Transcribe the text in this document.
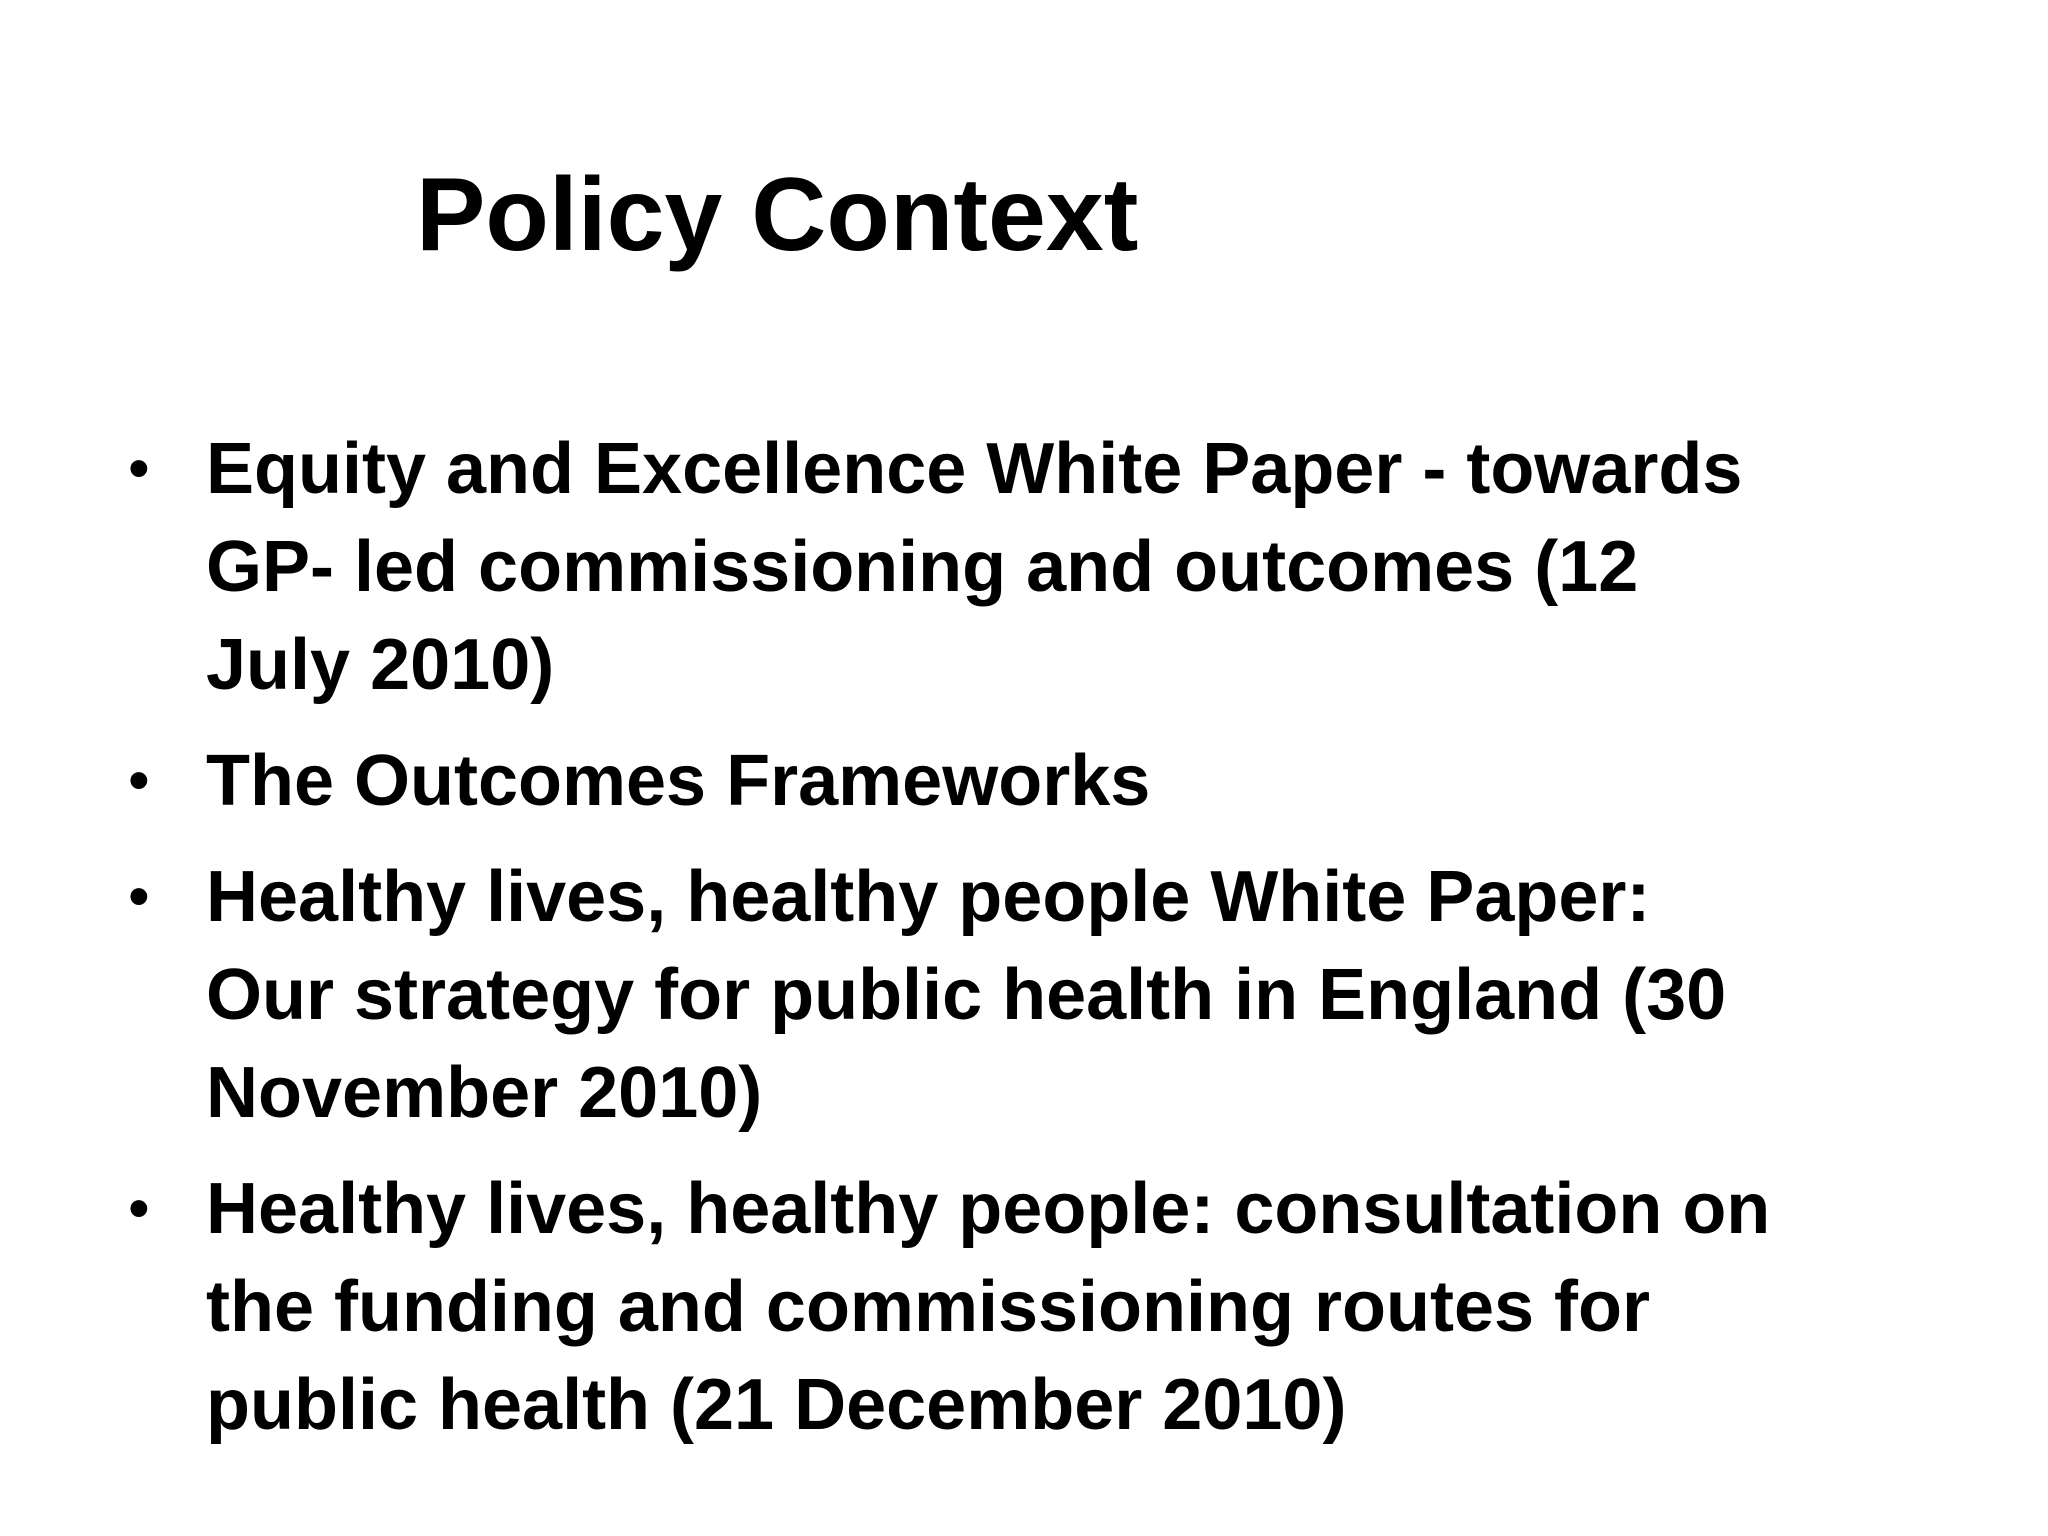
Policy Context
• Equity and Excellence White Paper - towards
GP- led commissioning and outcomes (12
July 2010)
• The Outcomes Frameworks
• Healthy lives, healthy people White Paper:
Our strategy for public health in England (30
November 2010)
• Healthy lives, healthy people: consultation on
the funding and commissioning routes for
public health (21 December 2010)
